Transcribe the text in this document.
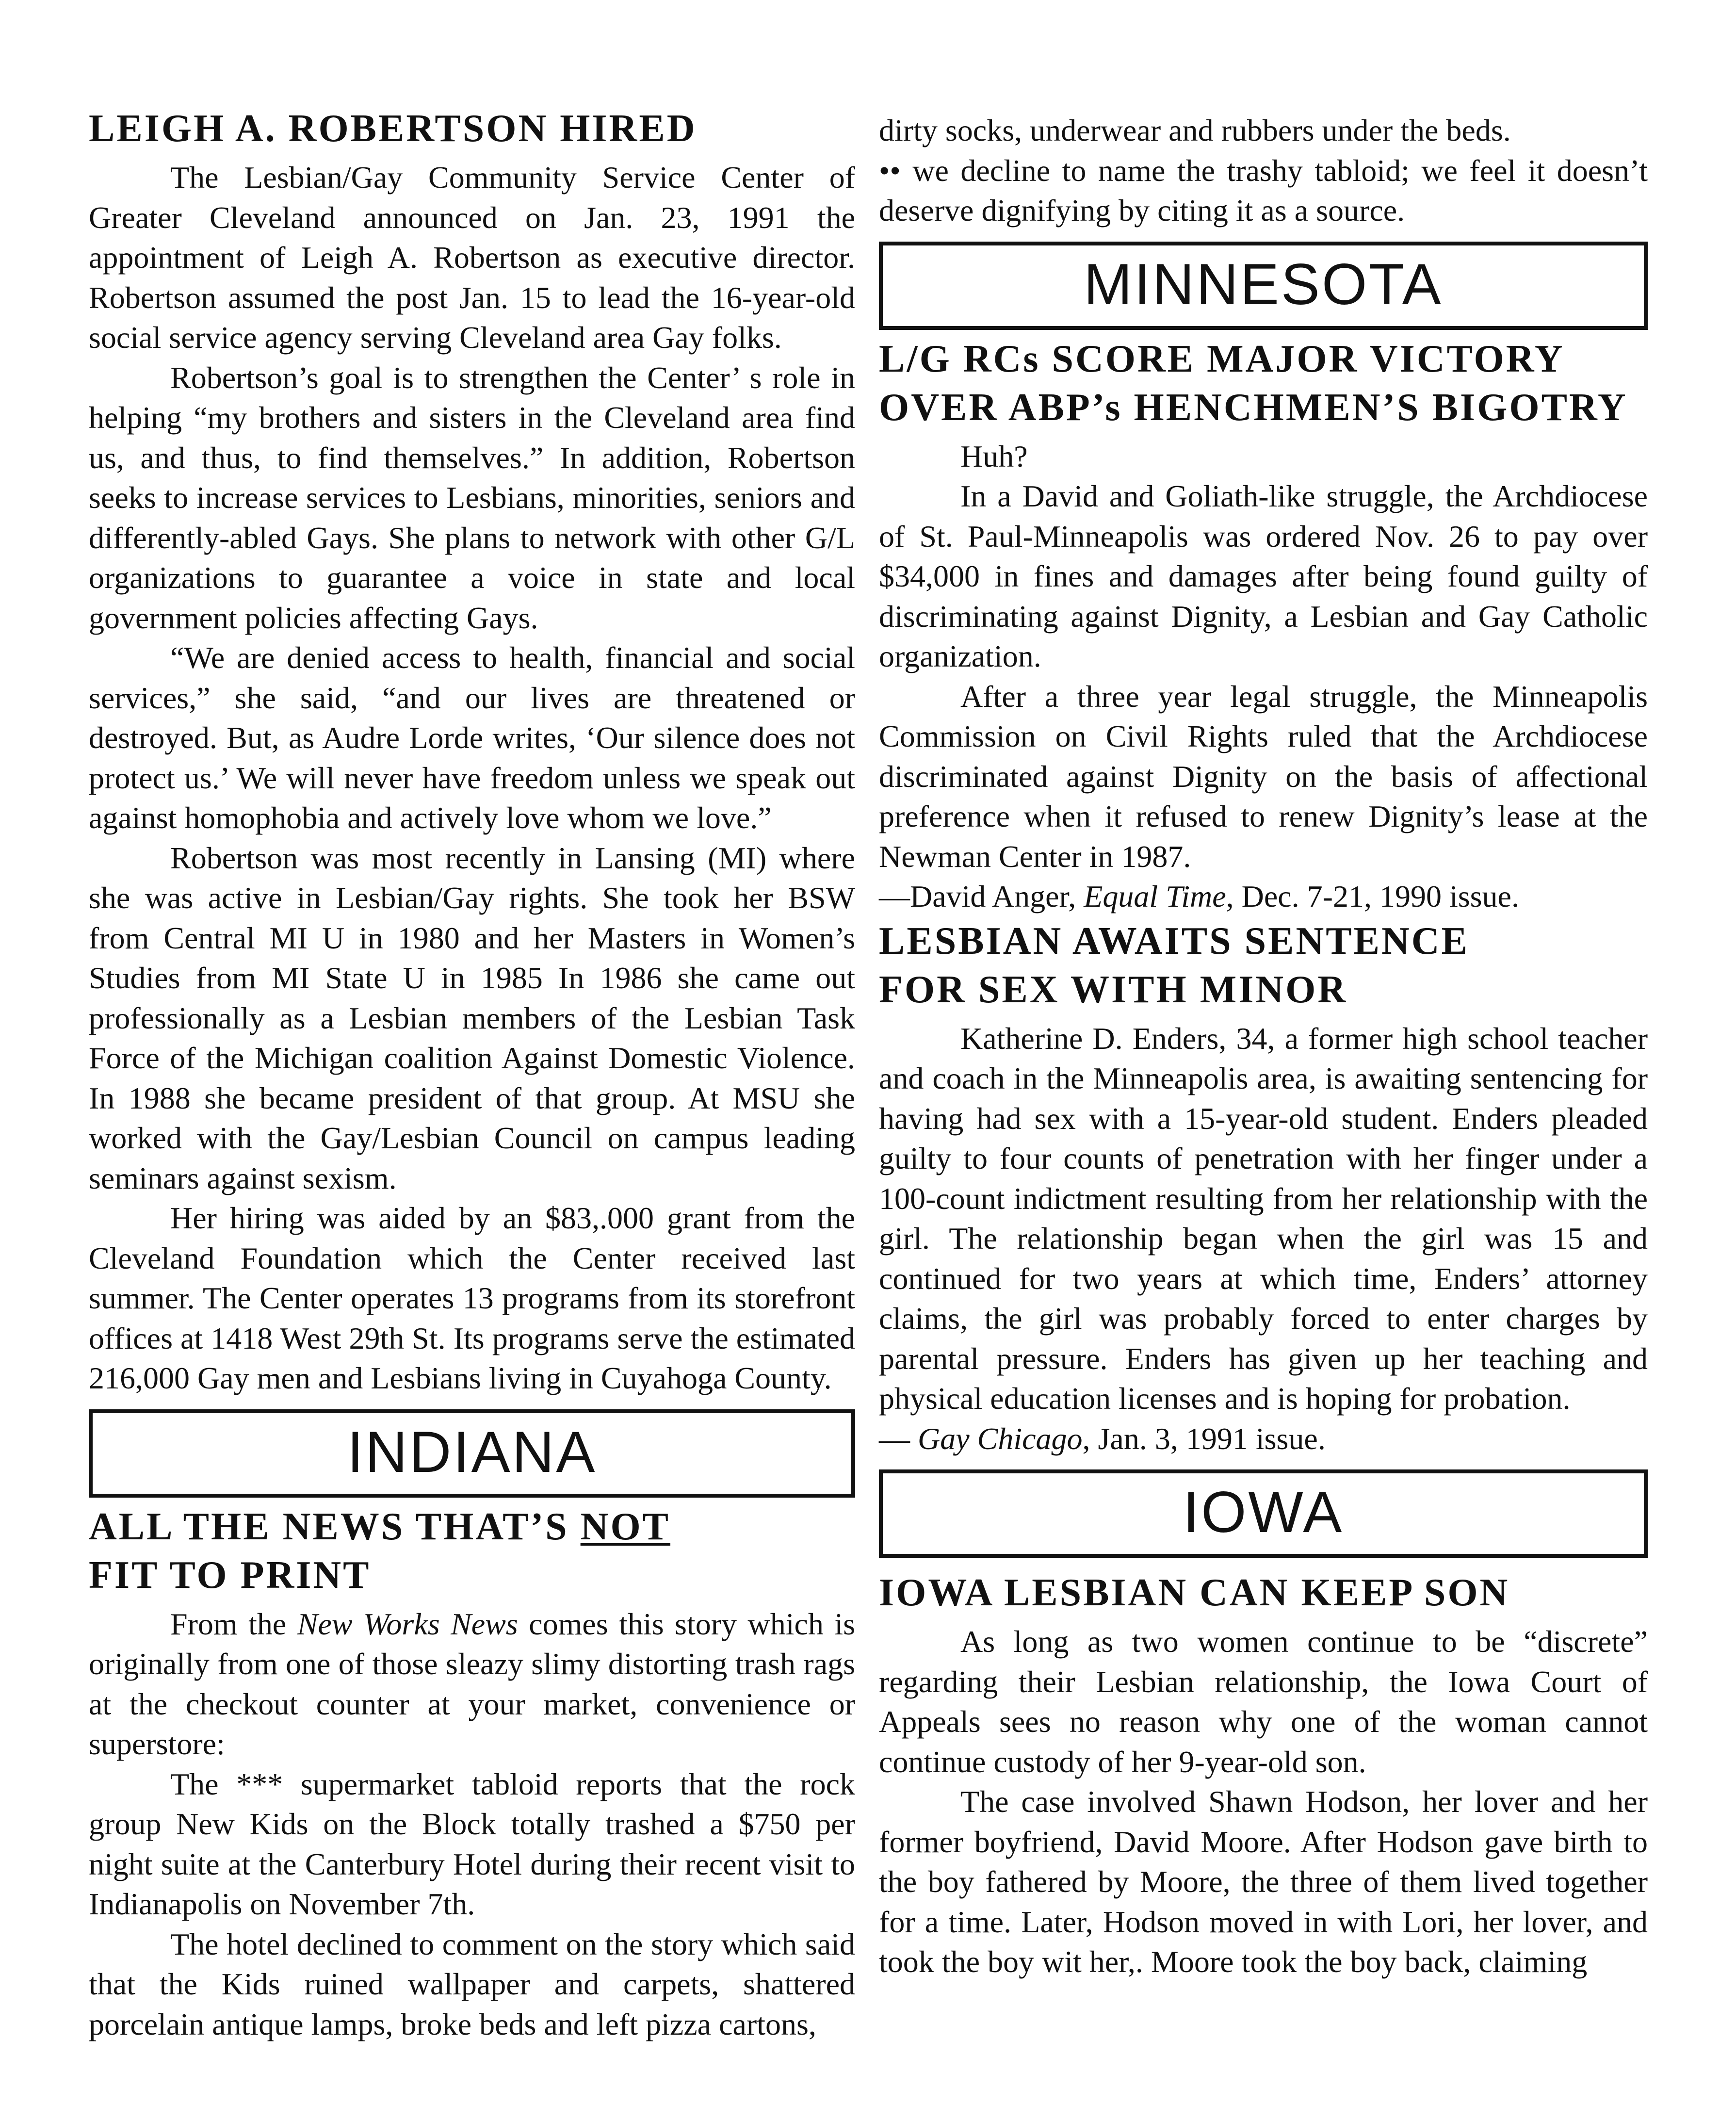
LEIGH A. ROBERTSON HIRED

The Lesbian/Gay Community Service Center of Greater Cleveland announced on Jan. 23, 1991 the appointment of Leigh A. Robertson as executive director. Robertson assumed the post Jan. 15 to lead the 16-year-old social service agency serving Cleveland area Gay folks.

Robertson’s goal is to strengthen the Center’ s role in helping “my brothers and sisters in the Cleveland area find us, and thus, to find themselves.” In addition, Robertson seeks to increase services to Lesbians, minorities, seniors and differently-abled Gays. She plans to network with other G/L organizations to guarantee a voice in state and local government policies affecting Gays.

“We are denied access to health, financial and social services,” she said, “and our lives are threatened or destroyed. But, as Audre Lorde writes, ‘Our silence does not protect us.’ We will never have freedom unless we speak out against homophobia and actively love whom we love.”

Robertson was most recently in Lansing (MI) where she was active in Lesbian/Gay rights. She took her BSW from Central MI U in 1980 and her Masters in Women’s Studies from MI State U in 1985 In 1986 she came out professionally as a Lesbian members of the Lesbian Task Force of the Michigan coalition Against Domestic Violence. In 1988 she became president of that group. At MSU she worked with the Gay/Lesbian Council on campus leading seminars against sexism.

Her hiring was aided by an $83,.000 grant from the Cleveland Foundation which the Center received last summer. The Center operates 13 programs from its storefront offices at 1418 West 29th St. Its programs serve the estimated 216,000 Gay men and Lesbians living in Cuyahoga County.

INDIANA
ALL THE NEWS THAT’S NOT
FIT TO PRINT

From the New Works News comes this story which is originally from one of those sleazy slimy distorting trash rags at the checkout counter at your market, convenience or superstore:

The *** supermarket tabloid reports that the rock group New Kids on the Block totally trashed a $750 per night suite at the Canterbury Hotel during their recent visit to Indianapolis on November 7th.

The hotel declined to comment on the story which said that the Kids ruined wallpaper and carpets, shattered porcelain antique lamps, broke beds and left pizza cartons,

dirty socks, underwear and rubbers under the beds.

•• we decline to name the trashy tabloid; we feel it doesn’t deserve dignifying by citing it as a source.

MINNESOTA
L/G RCs SCORE MAJOR VICTORY
OVER ABP’s HENCHMEN’S BIGOTRY

Huh?

In a David and Goliath-like struggle, the Archdiocese of St. Paul-Minneapolis was ordered Nov. 26 to pay over $34,000 in fines and damages after being found guilty of discriminating against Dignity, a Lesbian and Gay Catholic organization.

After a three year legal struggle, the Minneapolis Commission on Civil Rights ruled that the Archdiocese discriminated against Dignity on the basis of affectional preference when it refused to renew Dignity’s lease at the Newman Center in 1987.

—David Anger, Equal Time, Dec. 7-21, 1990 issue.

LESBIAN AWAITS SENTENCE
FOR SEX WITH MINOR

Katherine D. Enders, 34, a former high school teacher and coach in the Minneapolis area, is awaiting sentencing for having had sex with a 15-year-old student. Enders pleaded guilty to four counts of penetration with her finger under a 100-count indictment resulting from her relationship with the girl. The relationship began when the girl was 15 and continued for two years at which time, Enders’ attorney claims, the girl was probably forced to enter charges by parental pressure. Enders has given up her teaching and physical education licenses and is hoping for probation.

— Gay Chicago, Jan. 3, 1991 issue.

IOWA
IOWA LESBIAN CAN KEEP SON

As long as two women continue to be “discrete” regarding their Lesbian relationship, the Iowa Court of Appeals sees no reason why one of the woman cannot continue custody of her 9-year-old son.

The case involved Shawn Hodson, her lover and her former boyfriend, David Moore. After Hodson gave birth to the boy fathered by Moore, the three of them lived together for a time. Later, Hodson moved in with Lori, her lover, and took the boy wit her,. Moore took the boy back, claiming
